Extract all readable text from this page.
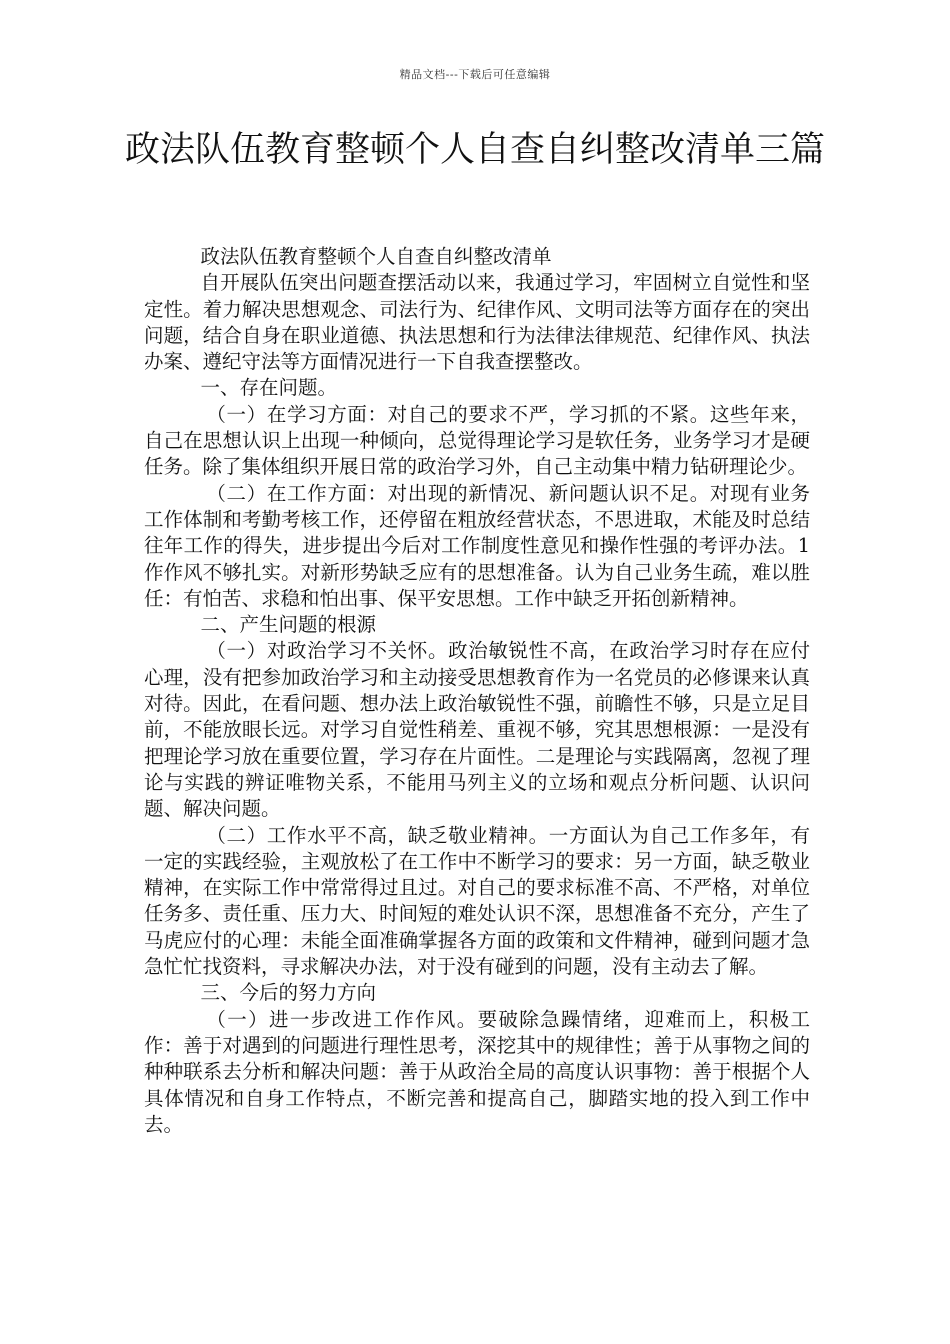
精品文档---下载后可任意编辑
政法队伍教育整顿个人自查自纠整改清单三篇

政法队伍教育整顿个人自查自纠整改清单

自开展队伍突出问题查摆活动以来，我通过学习，牢固树立自觉性和坚定性。着力解决思想观念、司法行为、纪律作风、文明司法等方面存在的突出问题，结合自身在职业道德、执法思想和行为法律法律规范、纪律作风、执法办案、遵纪守法等方面情况进行一下自我查摆整改。

一、存在问题。

（一）在学习方面：对自己的要求不严，学习抓的不紧。这些年来，自己在思想认识上出现一种倾向，总觉得理论学习是软任务，业务学习才是硬任务。除了集体组织开展日常的政治学习外，自己主动集中精力钻研理论少。

（二）在工作方面：对出现的新情况、新问题认识不足。对现有业务工作体制和考勤考核工作，还停留在粗放经营状态，不思进取，术能及时总结往年工作的得失，进步提出今后对工作制度性意见和操作性强的考评办法。1作作风不够扎实。对新形势缺乏应有的思想准备。认为自己业务生疏，难以胜任：有怕苦、求稳和怕出事、保平安思想。工作中缺乏开拓创新精神。

二、产生问题的根源

（一）对政治学习不关怀。政治敏锐性不高，在政治学习时存在应付心理，没有把参加政治学习和主动接受思想教育作为一名党员的必修课来认真对待。因此，在看问题、想办法上政治敏锐性不强，前瞻性不够，只是立足目前，不能放眼长远。对学习自觉性稍差、重视不够，究其思想根源：一是没有把理论学习放在重要位置，学习存在片面性。二是理论与实践隔离，忽视了理论与实践的辨证唯物关系，不能用马列主义的立场和观点分析问题、认识问题、解决问题。

（二）工作水平不高，缺乏敬业精神。一方面认为自己工作多年，有一定的实践经验，主观放松了在工作中不断学习的要求：另一方面，缺乏敬业精神，在实际工作中常常得过且过。对自己的要求标准不高、不严格，对单位任务多、责任重、压力大、时间短的难处认识不深，思想准备不充分，产生了马虎应付的心理：未能全面准确掌握各方面的政策和文件精神，碰到问题才急急忙忙找资料，寻求解决办法，对于没有碰到的问题，没有主动去了解。

三、今后的努力方向

（一）进一步改进工作作风。要破除急躁情绪，迎难而上，积极工作：善于对遇到的问题进行理性思考，深挖其中的规律性；善于从事物之间的种种联系去分析和解决问题：善于从政治全局的高度认识事物：善于根据个人具体情况和自身工作特点，不断完善和提高自己，脚踏实地的投入到工作中去。
